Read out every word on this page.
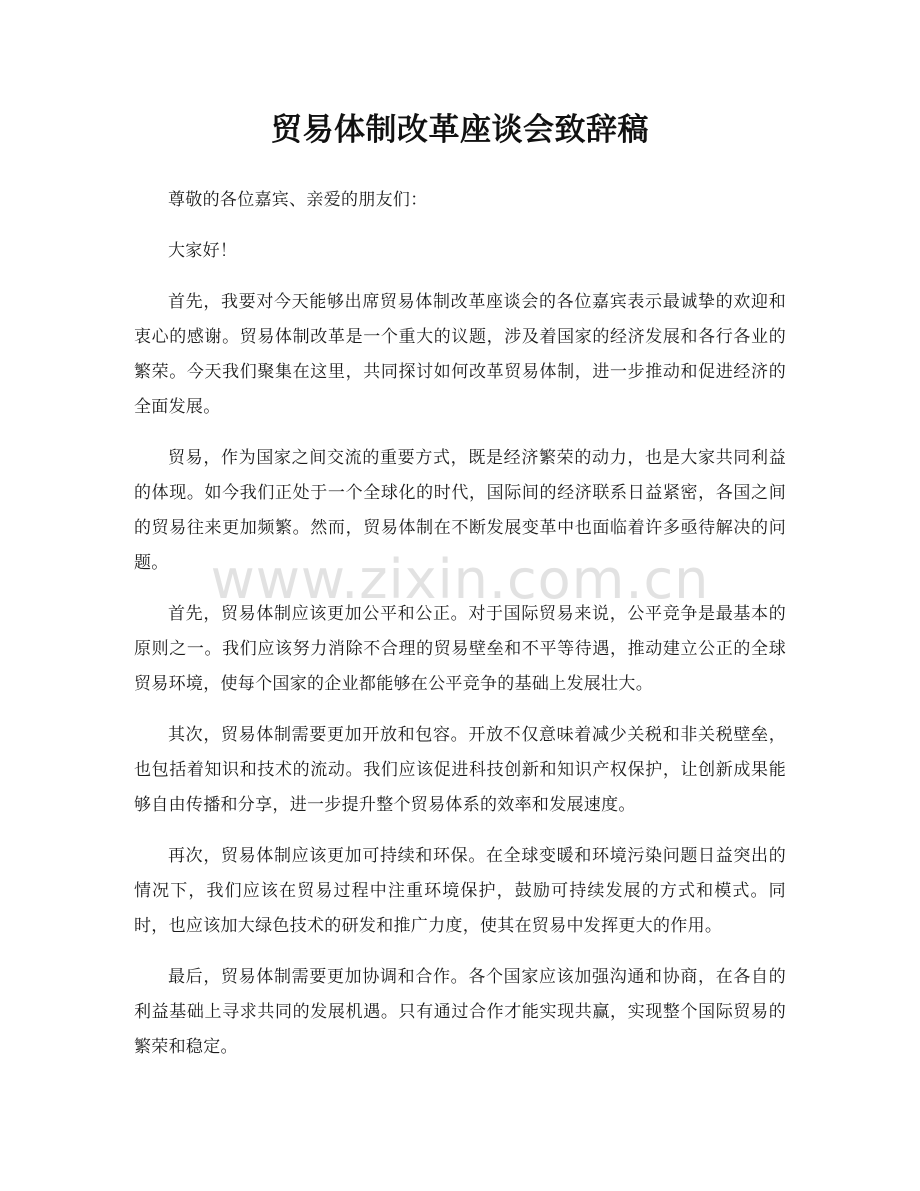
贸易体制改革座谈会致辞稿

尊敬的各位嘉宾、亲爱的朋友们：

大家好！

首先，我要对今天能够出席贸易体制改革座谈会的各位嘉宾表示最诚挚的欢迎和衷心的感谢。贸易体制改革是一个重大的议题，涉及着国家的经济发展和各行各业的繁荣。今天我们聚集在这里，共同探讨如何改革贸易体制，进一步推动和促进经济的全面发展。

贸易，作为国家之间交流的重要方式，既是经济繁荣的动力，也是大家共同利益的体现。如今我们正处于一个全球化的时代，国际间的经济联系日益紧密，各国之间的贸易往来更加频繁。然而，贸易体制在不断发展变革中也面临着许多亟待解决的问题。

首先，贸易体制应该更加公平和公正。对于国际贸易来说，公平竞争是最基本的原则之一。我们应该努力消除不合理的贸易壁垒和不平等待遇，推动建立公正的全球贸易环境，使每个国家的企业都能够在公平竞争的基础上发展壮大。

其次，贸易体制需要更加开放和包容。开放不仅意味着减少关税和非关税壁垒，也包括着知识和技术的流动。我们应该促进科技创新和知识产权保护，让创新成果能够自由传播和分享，进一步提升整个贸易体系的效率和发展速度。

再次，贸易体制应该更加可持续和环保。在全球变暖和环境污染问题日益突出的情况下，我们应该在贸易过程中注重环境保护，鼓励可持续发展的方式和模式。同时，也应该加大绿色技术的研发和推广力度，使其在贸易中发挥更大的作用。

最后，贸易体制需要更加协调和合作。各个国家应该加强沟通和协商，在各自的利益基础上寻求共同的发展机遇。只有通过合作才能实现共赢，实现整个国际贸易的繁荣和稳定。

www.zixin.com.cn
